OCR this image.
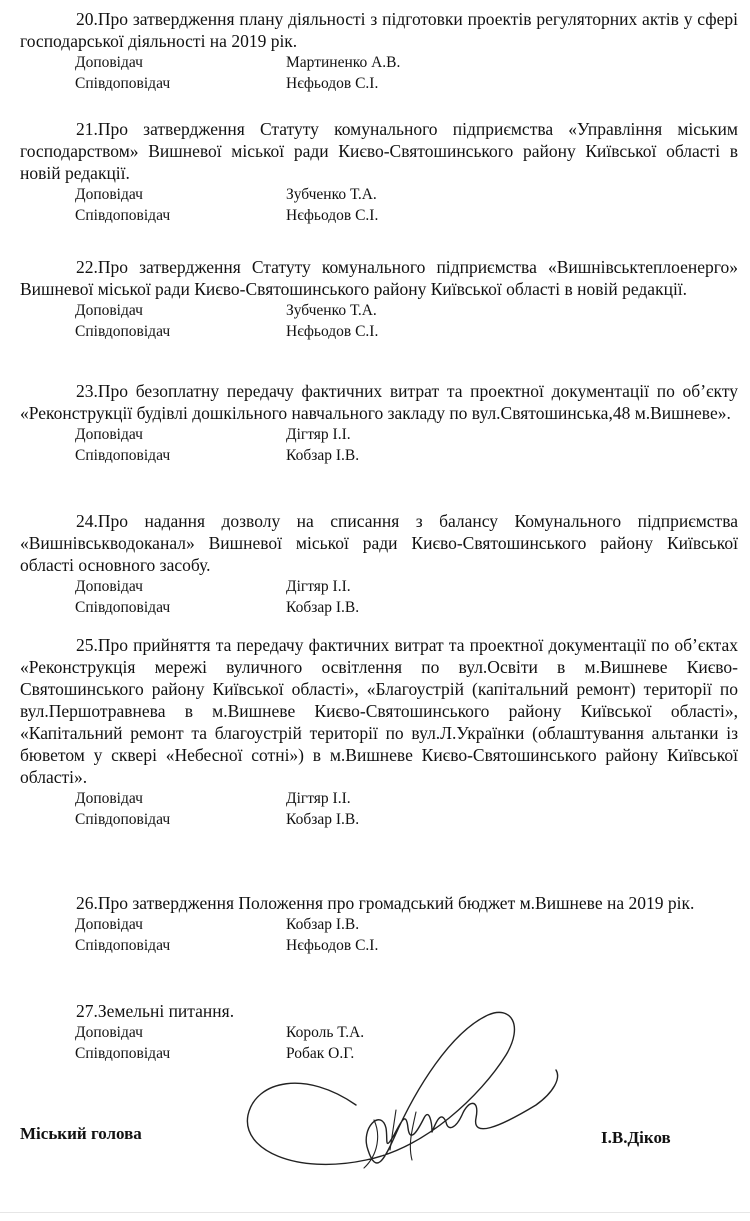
20.Про затвердження плану діяльності з підготовки проектів регуляторних актів у сфері господарської діяльності на 2019 рік.

Доповідач	Мартиненко А.В.
Співдоповідач	Нєфьодов С.І.

21.Про затвердження Статуту комунального підприємства «Управління міським господарством» Вишневої міської ради Києво-Святошинського району Київської області в новій редакції.

Доповідач	Зубченко Т.А.
Співдоповідач	Нєфьодов С.І.

22.Про затвердження Статуту комунального підприємства «Вишнівськтеплоенерго» Вишневої міської ради Києво-Святошинського району Київської області в новій редакції.

Доповідач	Зубченко Т.А.
Співдоповідач	Нєфьодов С.І.

23.Про безоплатну передачу фактичних витрат та проектної документації по об’єкту «Реконструкції будівлі дошкільного навчального закладу по вул.Святошинська,48 м.Вишневе».

Доповідач	Дігтяр І.І.
Співдоповідач	Кобзар І.В.

24.Про надання дозволу на списання з балансу Комунального підприємства «Вишнівськводоканал» Вишневої міської ради Києво-Святошинського району Київської області основного засобу.

Доповідач	Дігтяр І.І.
Співдоповідач	Кобзар І.В.

25.Про прийняття та передачу фактичних витрат та проектної документації по об’єктах «Реконструкція мережі вуличного освітлення по вул.Освіти в м.Вишневе Києво-Святошинського району Київської області», «Благоустрій (капітальний ремонт) території по вул.Першотравнева в м.Вишневе Києво-Святошинського району Київської області», «Капітальний ремонт та благоустрій території по вул.Л.Українки (облаштування альтанки із бюветом у сквері «Небесної сотні») в м.Вишневе Києво-Святошинського району Київської області».

Доповідач	Дігтяр І.І.
Співдоповідач	Кобзар І.В.

26.Про затвердження Положення про громадський бюджет м.Вишневе на 2019 рік.

Доповідач	Кобзар І.В.
Співдоповідач	Нєфьодов С.І.

27.Земельні питання.

Доповідач	Король Т.А.
Співдоповідач	Робак О.Г.
Міський голова	І.В.Діков
